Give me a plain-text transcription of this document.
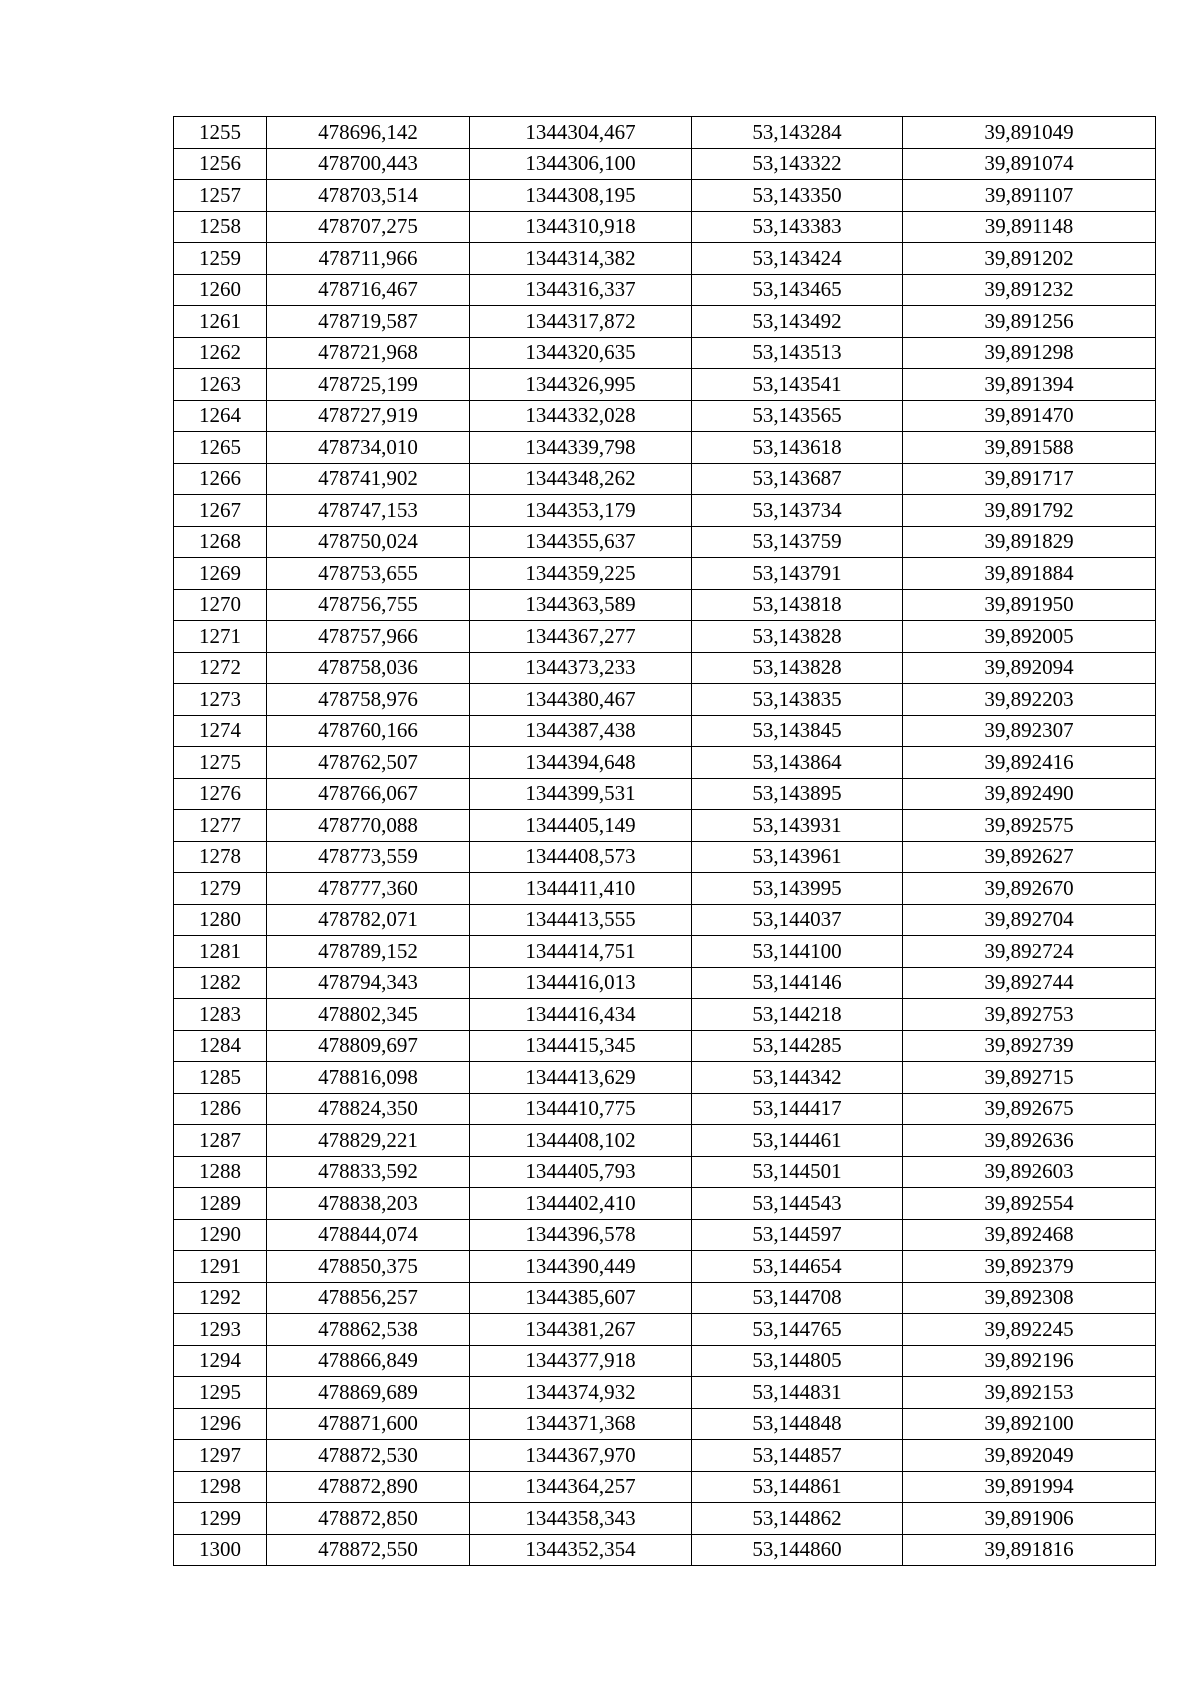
1255	478696,142	1344304,467	53,143284	39,891049
1256	478700,443	1344306,100	53,143322	39,891074
1257	478703,514	1344308,195	53,143350	39,891107
1258	478707,275	1344310,918	53,143383	39,891148
1259	478711,966	1344314,382	53,143424	39,891202
1260	478716,467	1344316,337	53,143465	39,891232
1261	478719,587	1344317,872	53,143492	39,891256
1262	478721,968	1344320,635	53,143513	39,891298
1263	478725,199	1344326,995	53,143541	39,891394
1264	478727,919	1344332,028	53,143565	39,891470
1265	478734,010	1344339,798	53,143618	39,891588
1266	478741,902	1344348,262	53,143687	39,891717
1267	478747,153	1344353,179	53,143734	39,891792
1268	478750,024	1344355,637	53,143759	39,891829
1269	478753,655	1344359,225	53,143791	39,891884
1270	478756,755	1344363,589	53,143818	39,891950
1271	478757,966	1344367,277	53,143828	39,892005
1272	478758,036	1344373,233	53,143828	39,892094
1273	478758,976	1344380,467	53,143835	39,892203
1274	478760,166	1344387,438	53,143845	39,892307
1275	478762,507	1344394,648	53,143864	39,892416
1276	478766,067	1344399,531	53,143895	39,892490
1277	478770,088	1344405,149	53,143931	39,892575
1278	478773,559	1344408,573	53,143961	39,892627
1279	478777,360	1344411,410	53,143995	39,892670
1280	478782,071	1344413,555	53,144037	39,892704
1281	478789,152	1344414,751	53,144100	39,892724
1282	478794,343	1344416,013	53,144146	39,892744
1283	478802,345	1344416,434	53,144218	39,892753
1284	478809,697	1344415,345	53,144285	39,892739
1285	478816,098	1344413,629	53,144342	39,892715
1286	478824,350	1344410,775	53,144417	39,892675
1287	478829,221	1344408,102	53,144461	39,892636
1288	478833,592	1344405,793	53,144501	39,892603
1289	478838,203	1344402,410	53,144543	39,892554
1290	478844,074	1344396,578	53,144597	39,892468
1291	478850,375	1344390,449	53,144654	39,892379
1292	478856,257	1344385,607	53,144708	39,892308
1293	478862,538	1344381,267	53,144765	39,892245
1294	478866,849	1344377,918	53,144805	39,892196
1295	478869,689	1344374,932	53,144831	39,892153
1296	478871,600	1344371,368	53,144848	39,892100
1297	478872,530	1344367,970	53,144857	39,892049
1298	478872,890	1344364,257	53,144861	39,891994
1299	478872,850	1344358,343	53,144862	39,891906
1300	478872,550	1344352,354	53,144860	39,891816
